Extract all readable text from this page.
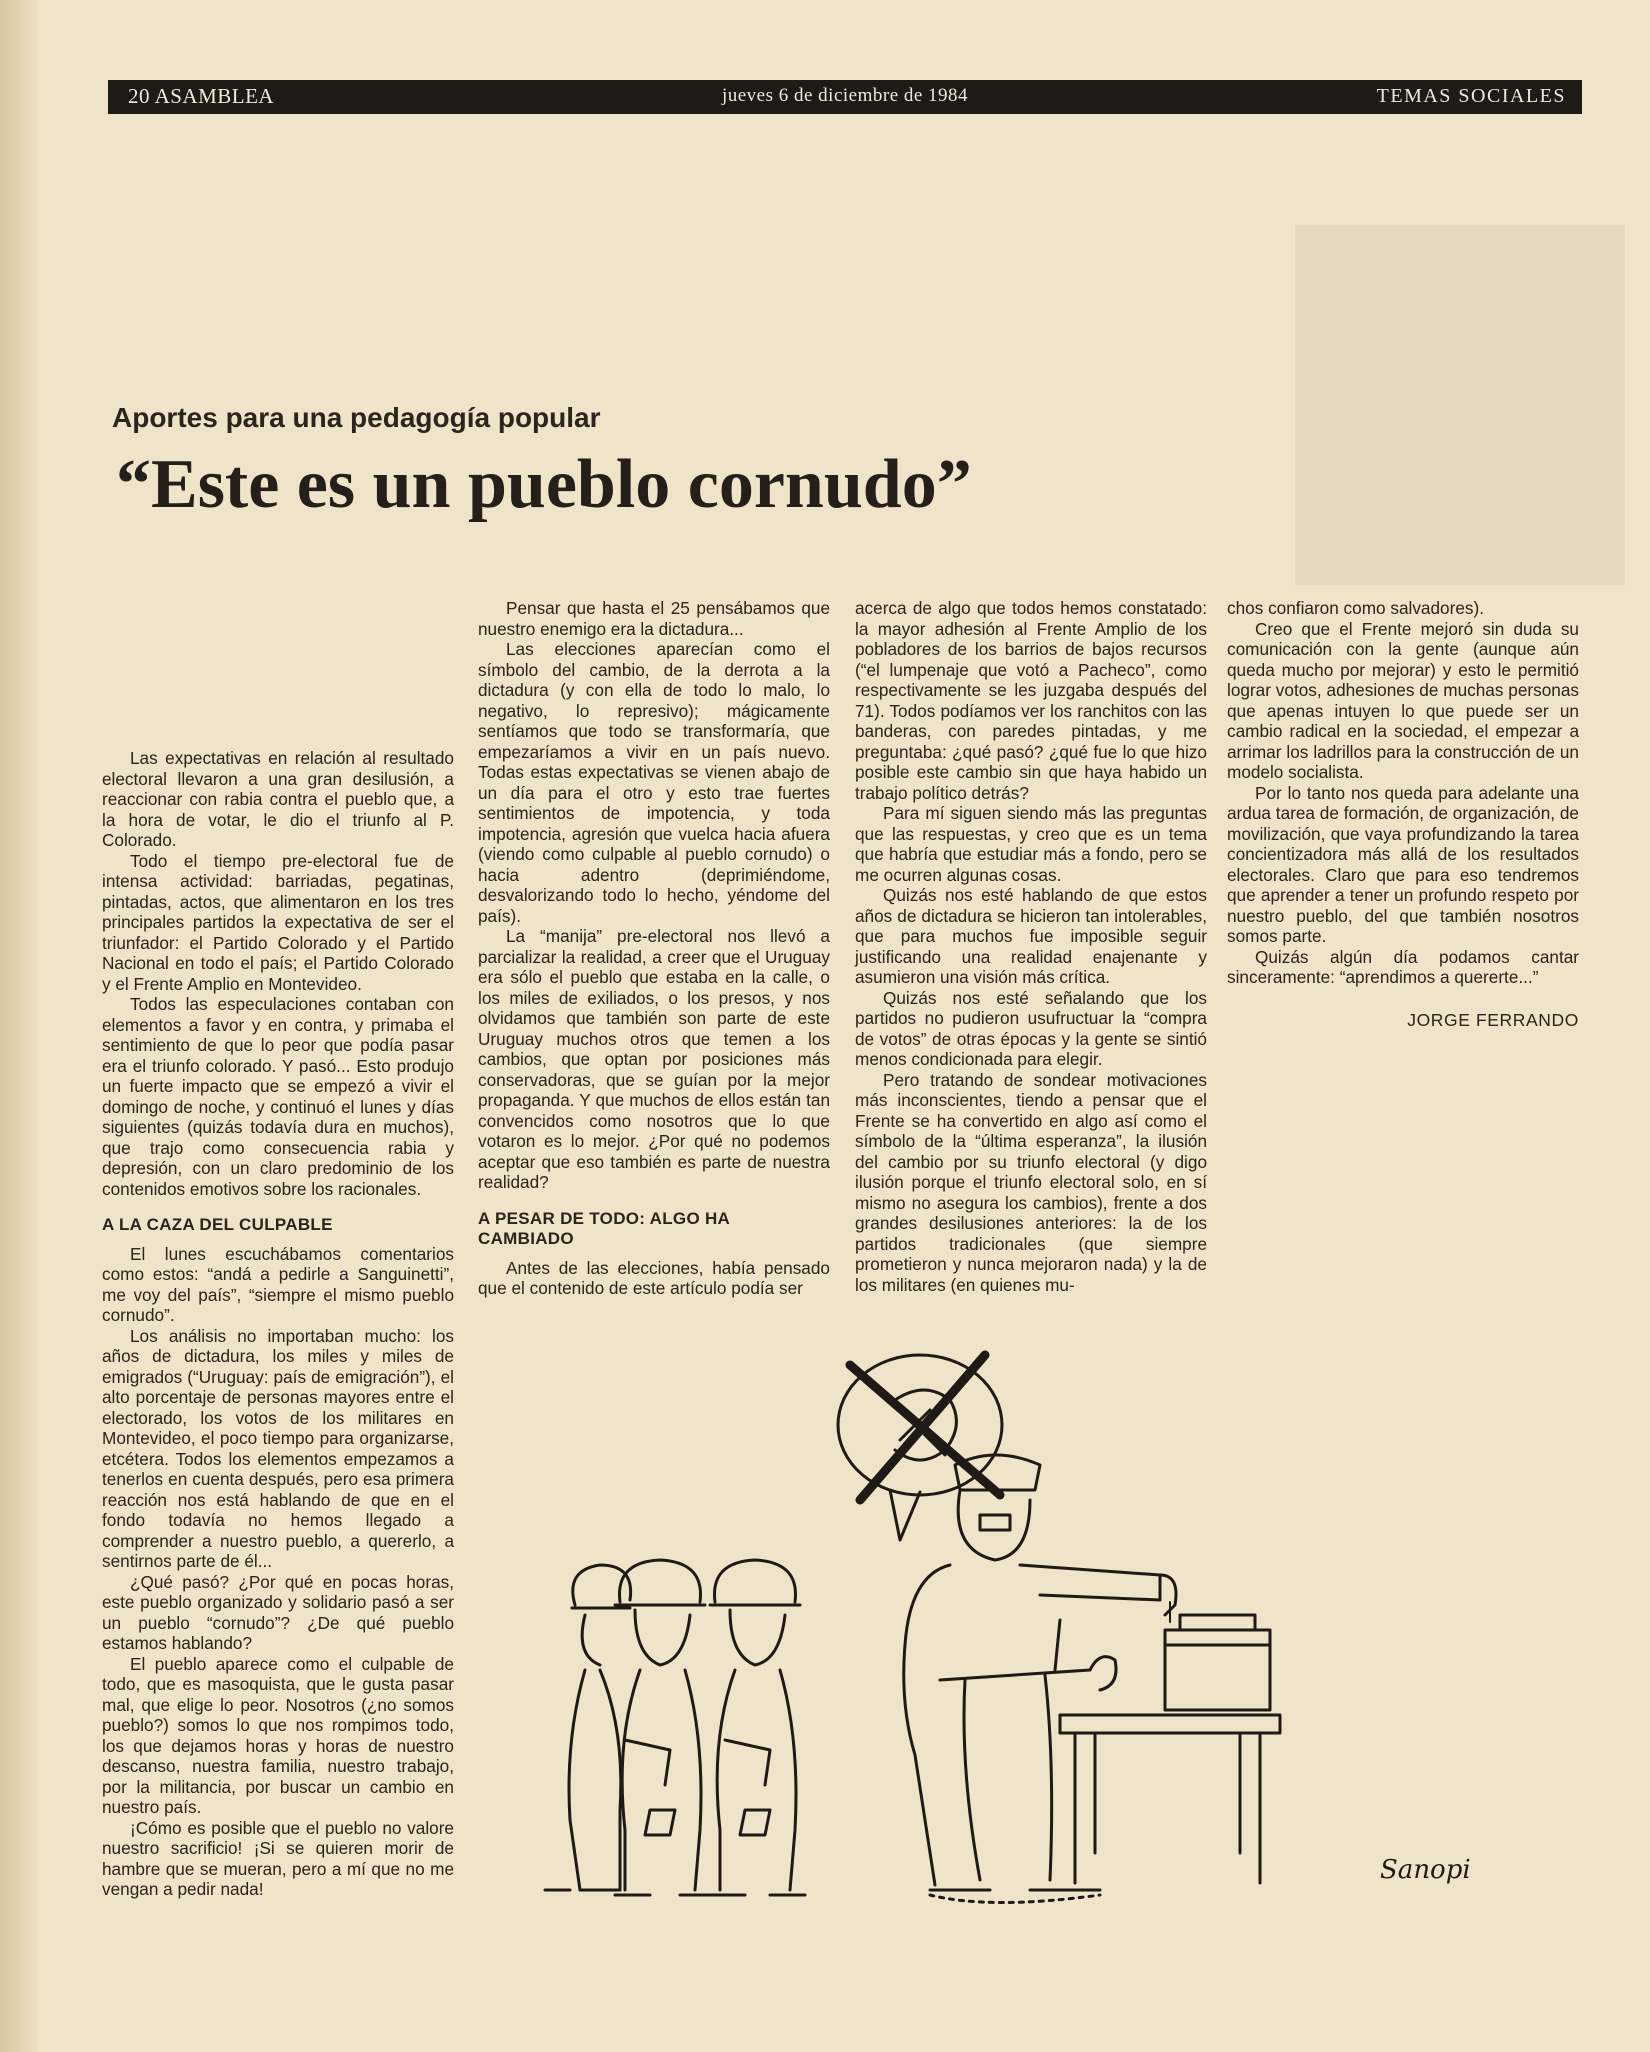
20 ASAMBLEA	jueves 6 de diciembre de 1984	TEMAS SOCIALES
Aportes para una pedagogía popular
“Este es un pueblo cornudo”

Las expectativas en relación al resultado electoral llevaron a una gran desilusión, a reaccionar con rabia contra el pueblo que, a la hora de votar, le dio el triunfo al P. Colorado.

Todo el tiempo pre-electoral fue de intensa actividad: barriadas, pegatinas, pintadas, actos, que alimentaron en los tres principales partidos la expectativa de ser el triunfador: el Partido Colorado y el Partido Nacional en todo el país; el Partido Colorado y el Frente Amplio en Montevideo.

Todos las especulaciones contaban con elementos a favor y en contra, y primaba el sentimiento de que lo peor que podía pasar era el triunfo colorado. Y pasó... Esto produjo un fuerte impacto que se empezó a vivir el domingo de noche, y continuó el lunes y días siguientes (quizás todavía dura en muchos), que trajo como consecuencia rabia y depresión, con un claro predominio de los contenidos emotivos sobre los racionales.

A LA CAZA DEL CULPABLE

El lunes escuchábamos comentarios como estos: “andá a pedirle a Sanguinetti”, me voy del país”, “siempre el mismo pueblo cornudo”.

Los análisis no importaban mucho: los años de dictadura, los miles y miles de emigrados (“Uruguay: país de emigración”), el alto porcentaje de personas mayores entre el electorado, los votos de los militares en Montevideo, el poco tiempo para organizarse, etcétera. Todos los elementos empezamos a tenerlos en cuenta después, pero esa primera reacción nos está hablando de que en el fondo todavía no hemos llegado a comprender a nuestro pueblo, a quererlo, a sentirnos parte de él...

¿Qué pasó? ¿Por qué en pocas horas, este pueblo organizado y solidario pasó a ser un pueblo “cornudo”? ¿De qué pueblo estamos hablando?

El pueblo aparece como el culpable de todo, que es masoquista, que le gusta pasar mal, que elige lo peor. Nosotros (¿no somos pueblo?) somos lo que nos rompimos todo, los que dejamos horas y horas de nuestro descanso, nuestra familia, nuestro trabajo, por la militancia, por buscar un cambio en nuestro país.

¡Cómo es posible que el pueblo no valore nuestro sacrificio! ¡Si se quieren morir de hambre que se mueran, pero a mí que no me vengan a pedir nada!

Pensar que hasta el 25 pensábamos que nuestro enemigo era la dictadura...

Las elecciones aparecían como el símbolo del cambio, de la derrota a la dictadura (y con ella de todo lo malo, lo negativo, lo represivo); mágicamente sentíamos que todo se transformaría, que empezaríamos a vivir en un país nuevo. Todas estas expectativas se vienen abajo de un día para el otro y esto trae fuertes sentimientos de impotencia, y toda impotencia, agresión que vuelca hacia afuera (viendo como culpable al pueblo cornudo) o hacia adentro (deprimiéndome, desvalorizando todo lo hecho, yéndome del país).

La “manija” pre-electoral nos llevó a parcializar la realidad, a creer que el Uruguay era sólo el pueblo que estaba en la calle, o los miles de exiliados, o los presos, y nos olvidamos que también son parte de este Uruguay muchos otros que temen a los cambios, que optan por posiciones más conservadoras, que se guían por la mejor propaganda. Y que muchos de ellos están tan convencidos como nosotros que lo que votaron es lo mejor. ¿Por qué no podemos aceptar que eso también es parte de nuestra realidad?

A PESAR DE TODO: ALGO HA CAMBIADO

Antes de las elecciones, había pensado que el contenido de este artículo podía ser

acerca de algo que todos hemos constatado: la mayor adhesión al Frente Amplio de los pobladores de los barrios de bajos recursos (“el lumpenaje que votó a Pacheco”, como respectivamente se les juzgaba después del 71). Todos podíamos ver los ranchitos con las banderas, con paredes pintadas, y me preguntaba: ¿qué pasó? ¿qué fue lo que hizo posible este cambio sin que haya habido un trabajo político detrás?

Para mí siguen siendo más las preguntas que las respuestas, y creo que es un tema que habría que estudiar más a fondo, pero se me ocurren algunas cosas.

Quizás nos esté hablando de que estos años de dictadura se hicieron tan intolerables, que para muchos fue imposible seguir justificando una realidad enajenante y asumieron una visión más crítica.

Quizás nos esté señalando que los partidos no pudieron usufructuar la “compra de votos” de otras épocas y la gente se sintió menos condicionada para elegir.

Pero tratando de sondear motivaciones más inconscientes, tiendo a pensar que el Frente se ha convertido en algo así como el símbolo de la “última esperanza”, la ilusión del cambio por su triunfo electoral (y digo ilusión porque el triunfo electoral solo, en sí mismo no asegura los cambios), frente a dos grandes desilusiones anteriores: la de los partidos tradicionales (que siempre prometieron y nunca mejoraron nada) y la de los militares (en quienes mu-

chos confiaron como salvadores).

Creo que el Frente mejoró sin duda su comunicación con la gente (aunque aún queda mucho por mejorar) y esto le permitió lograr votos, adhesiones de muchas personas que apenas intuyen lo que puede ser un cambio radical en la sociedad, el empezar a arrimar los ladrillos para la construcción de un modelo socialista.

Por lo tanto nos queda para adelante una ardua tarea de formación, de organización, de movilización, que vaya profundizando la tarea concientizadora más allá de los resultados electorales. Claro que para eso tendremos que aprender a tener un profundo respeto por nuestro pueblo, del que también nosotros somos parte.

Quizás algún día podamos cantar sinceramente: “aprendimos a quererte...”

JORGE FERRANDO
Sanopi
